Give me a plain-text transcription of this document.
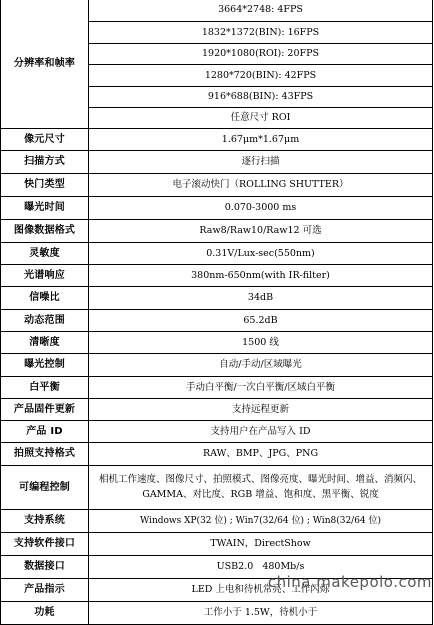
分辨率和帧率	3664*2748: 4FPS
	1832*1372(BIN): 16FPS
	1920*1080(ROI): 20FPS
	1280*720(BIN): 42FPS
	916*688(BIN): 43FPS
	任意尺寸 ROI
像元尺寸	1.67μm*1.67μm
扫描方式	逐行扫描
快门类型	电子滚动快门（ROLLING SHUTTER）
曝光时间	0.070-3000 ms
图像数据格式	Raw8/Raw10/Raw12 可选
灵敏度	0.31V/Lux-sec(550nm)
光谱响应	380nm-650nm(with IR-filter)
信噪比	34dB
动态范围	65.2dB
清晰度	1500 线
曝光控制	自动/手动/区域曝光
白平衡	手动白平衡/一次白平衡/区域白平衡
产品固件更新	支持远程更新
产品 ID	支持用户在产品写入 ID
拍照支持格式	RAW、BMP、JPG、PNG
可编程控制	相机工作速度、图像尺寸、拍照模式、图像亮度、曝光时间、增益、消频闪、GAMMA、对比度、RGB 增益、饱和度、黑平衡、锐度
支持系统	Windows XP(32 位) ; Win7(32/64 位) ; Win8(32/64 位)
支持软件接口	TWAIN，DirectShow
数据接口	USB2.0   480Mb/s
产品指示	LED 上电和待机常亮、工作闪烁
功耗	工作小于 1.5W，待机小于
china.makepolo.com
